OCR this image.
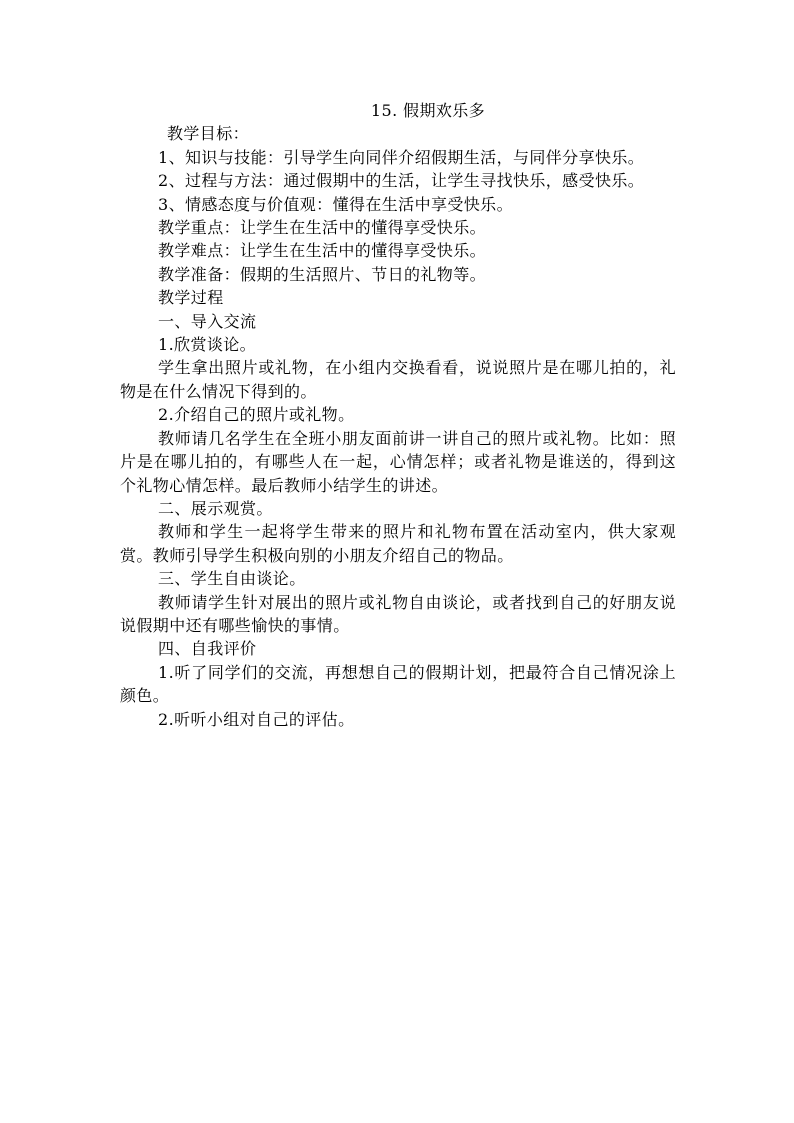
15. 假期欢乐多

教学目标：

1、知识与技能：引导学生向同伴介绍假期生活，与同伴分享快乐。

2、过程与方法：通过假期中的生活，让学生寻找快乐，感受快乐。

3、情感态度与价值观：懂得在生活中享受快乐。

教学重点：让学生在生活中的懂得享受快乐。

教学难点：让学生在生活中的懂得享受快乐。

教学准备：假期的生活照片、节日的礼物等。

教学过程

一、导入交流

1.欣赏谈论。

学生拿出照片或礼物，在小组内交换看看，说说照片是在哪儿拍的，礼物是在什么情况下得到的。

2.介绍自己的照片或礼物。

教师请几名学生在全班小朋友面前讲一讲自己的照片或礼物。比如：照片是在哪儿拍的，有哪些人在一起，心情怎样；或者礼物是谁送的，得到这个礼物心情怎样。最后教师小结学生的讲述。

二、展示观赏。

教师和学生一起将学生带来的照片和礼物布置在活动室内，供大家观赏。教师引导学生积极向别的小朋友介绍自己的物品。

三、学生自由谈论。

教师请学生针对展出的照片或礼物自由谈论，或者找到自己的好朋友说说假期中还有哪些愉快的事情。

四、自我评价

1.听了同学们的交流，再想想自己的假期计划，把最符合自己情况涂上颜色。

2.听听小组对自己的评估。
